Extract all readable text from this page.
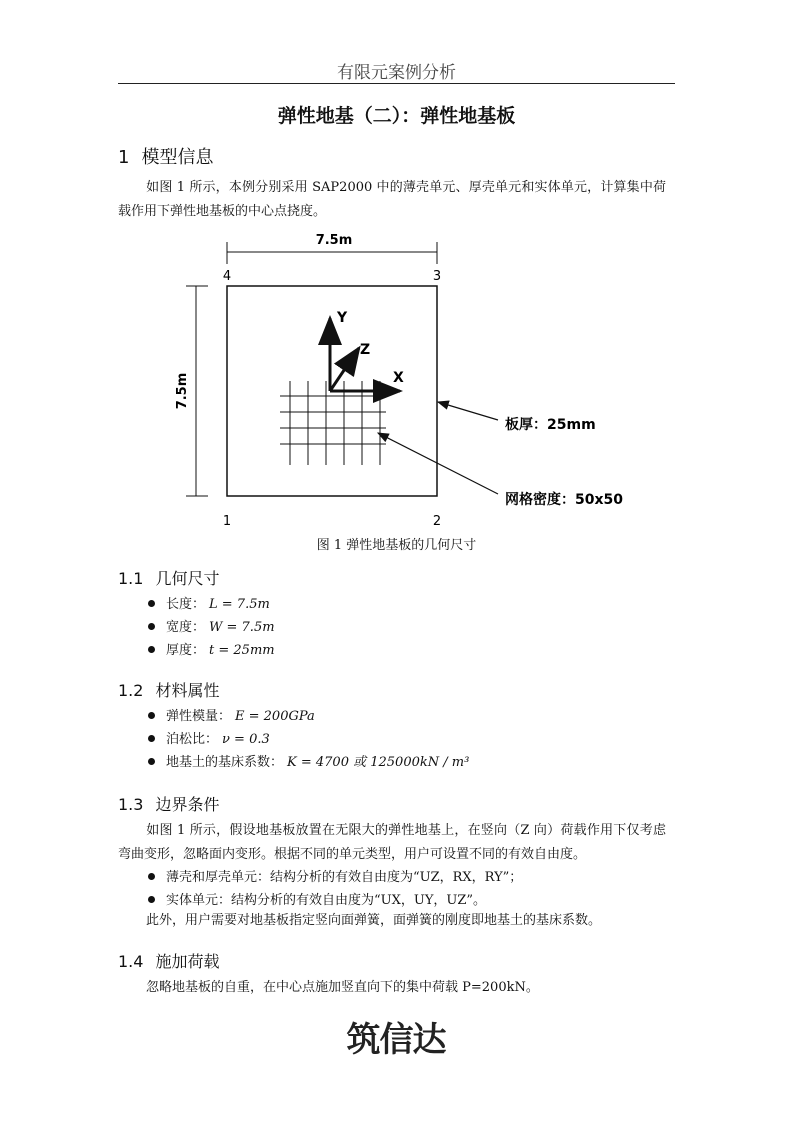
有限元案例分析
弹性地基（二）：弹性地基板
1 模型信息
如图 1 所示，本例分别采用 SAP2000 中的薄壳单元、厚壳单元和实体单元，计算集中荷载作用下弹性地基板的中心点挠度。
7.5m
7.5m
1	2
3
4
Y
Z
X
板厚：25mm
网格密度：50x50
图 1 弹性地基板的几何尺寸
1.1 几何尺寸
长度： L = 7.5m
宽度： W = 7.5m
厚度： t = 25mm
1.2 材料属性
弹性模量： E = 200GPa
泊松比： ν = 0.3
地基土的基床系数： K = 4700 或 125000kN / m³
1.3 边界条件
如图 1 所示，假设地基板放置在无限大的弹性地基上，在竖向（Z 向）荷载作用下仅考虑弯曲变形，忽略面内变形。根据不同的单元类型，用户可设置不同的有效自由度。
薄壳和厚壳单元：结构分析的有效自由度为“UZ，RX，RY”；
实体单元：结构分析的有效自由度为“UX，UY，UZ”。
此外，用户需要对地基板指定竖向面弹簧，面弹簧的刚度即地基土的基床系数。
1.4 施加荷载
忽略地基板的自重，在中心点施加竖直向下的集中荷载 P=200kN。
筑信达
